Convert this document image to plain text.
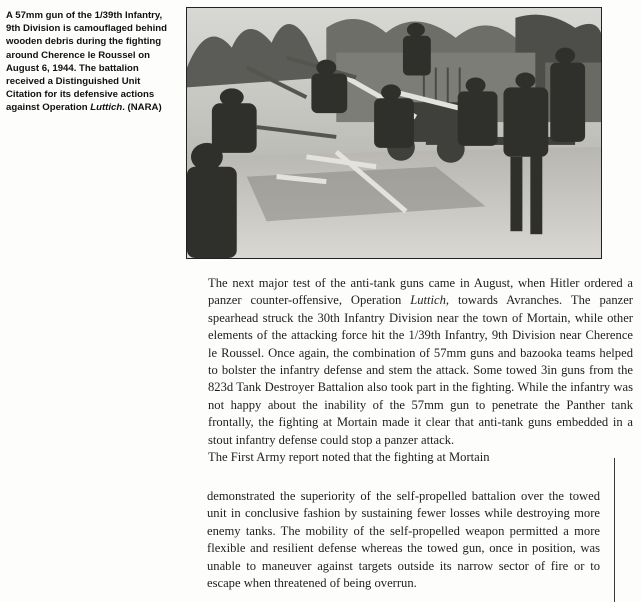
A 57mm gun of the 1/39th Infantry, 9th Division is camouflaged behind wooden debris during the fighting around Cherence le Roussel on August 6, 1944. The battalion received a Distinguished Unit Citation for its defensive actions against Operation Luttich. (NARA)

The next major test of the anti-tank guns came in August, when Hitler ordered a panzer counter-offensive, Operation Luttich, towards Avranches. The panzer spearhead struck the 30th Infantry Division near the town of Mortain, while other elements of the attacking force hit the 1/39th Infantry, 9th Division near Cherence le Roussel. Once again, the combination of 57mm guns and bazooka teams helped to bolster the infantry defense and stem the attack. Some towed 3in guns from the 823d Tank Destroyer Battalion also took part in the fighting. While the infantry was not happy about the inability of the 57mm gun to penetrate the Panther tank frontally, the fighting at Mortain made it clear that anti-tank guns embedded in a stout infantry defense could stop a panzer attack.

The First Army report noted that the fighting at Mortain

demonstrated the superiority of the self-propelled battalion over the towed unit in conclusive fashion by sustaining fewer losses while destroying more enemy tanks. The mobility of the self-propelled weapon permitted a more flexible and resilient defense whereas the towed gun, once in position, was unable to maneuver against targets outside its narrow sector of fire or to escape when threatened of being overrun.
